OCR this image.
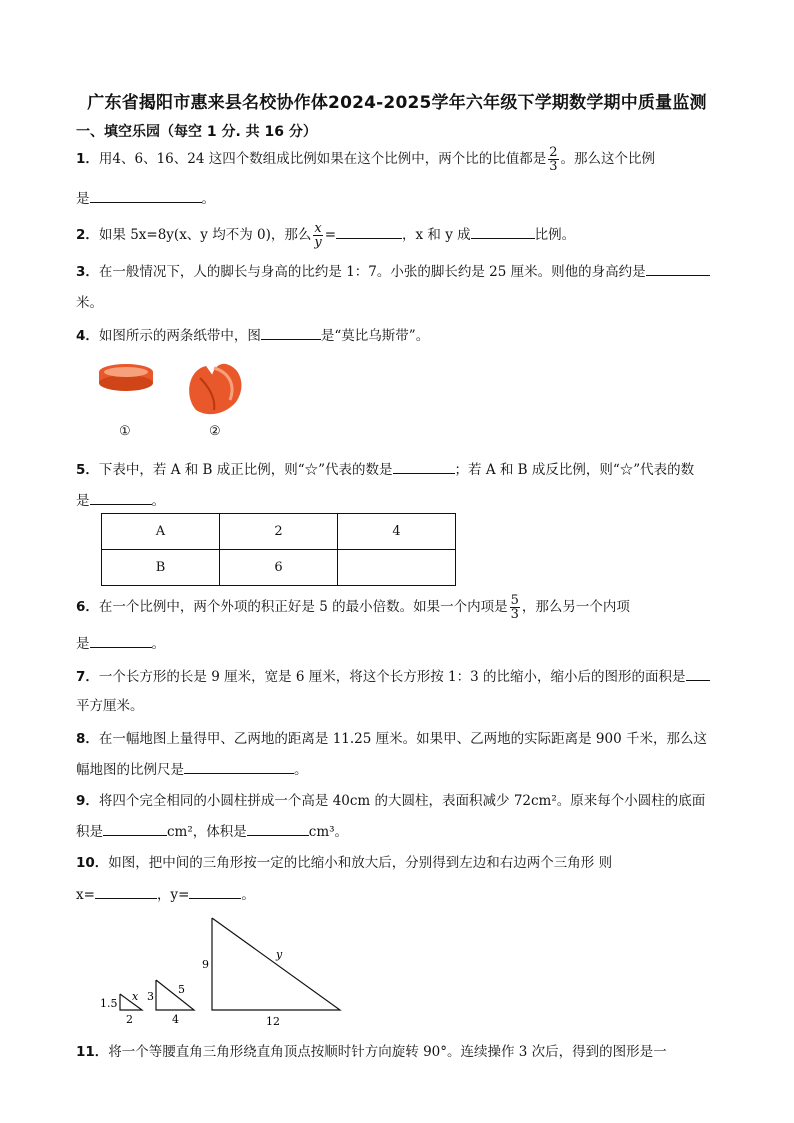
广东省揭阳市惠来县名校协作体2024-2025学年六年级下学期数学期中质量监测
一、填空乐园（每空 1 分. 共 16 分）
1．用4、6、16、24 这四个数组成比例如果在这个比例中，两个比的比值都是 $\frac{2}{3}$ 。那么这个比例
是	。
2．如果 5x=8y(x、y 均不为 0)，那么 $\frac{x}{y}$ =	，x 和 y 成	比例。
3．在一般情况下，人的脚长与身高的比约是 1：7。小张的脚长约是 25 厘米。则他的身高约是
米。
4．如图所示的两条纸带中，图	是“莫比乌斯带”。
①	②
5．下表中，若 A 和 B 成正比例，则“☆”代表的数是	；若 A 和 B 成反比例，则“☆”代表的数
是	。
A	2	4
B	6	
6．在一个比例中，两个外项的积正好是 5 的最小倍数。如果一个内项是 $\frac{5}{3}$ ，那么另一个内项
是	。
7．一个长方形的长是 9 厘米，宽是 6 厘米，将这个长方形按 1：3 的比缩小，缩小后的图形的面积是
平方厘米。
8．在一幅地图上量得甲、乙两地的距离是 11.25 厘米。如果甲、乙两地的实际距离是 900 千米，那么这
幅地图的比例尺是	。
9．将四个完全相同的小圆柱拼成一个高是 40cm 的大圆柱，表面积减少 72cm²。原来每个小圆柱的底面
积是	cm²，体积是	cm³。
10．如图，把中间的三角形按一定的比缩小和放大后，分别得到左边和右边两个三角形 则
x=	，y=	。
1.5
x
2
3
5
4
9
y
12
11．将一个等腰直角三角形绕直角顶点按顺时针方向旋转 90°。连续操作 3 次后，得到的图形是一
